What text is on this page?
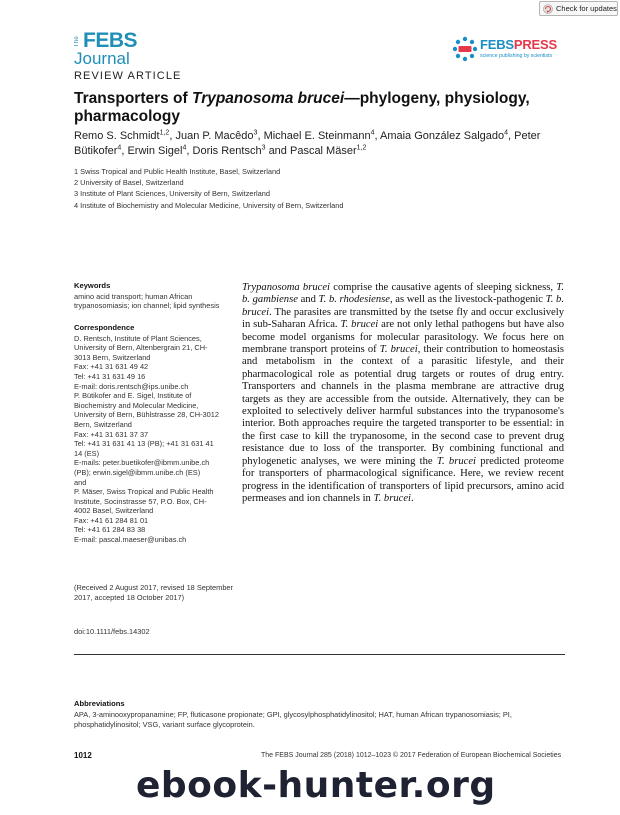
Check for updates
The FEBS
Journal
FEBSPRESS
science publishing by scientists
REVIEW ARTICLE
Transporters of Trypanosoma brucei—phylogeny, physiology, pharmacology
Remo S. Schmidt$^{1,2}$, Juan P. Macêdo$^3$, Michael E. Steinmann$^4$, Amaia González Salgado$^4$, Peter Bütikofer$^4$, Erwin Sigel$^4$, Doris Rentsch$^3$ and Pascal Mäser$^{1,2}$
1 Swiss Tropical and Public Health Institute, Basel, Switzerland
2 University of Basel, Switzerland
3 Institute of Plant Sciences, University of Bern, Switzerland
4 Institute of Biochemistry and Molecular Medicine, University of Bern, Switzerland
Keywords
amino acid transport; human African trypanosomiasis; ion channel; lipid synthesis
Correspondence
D. Rentsch, Institute of Plant Sciences,
University of Bern, Altenbergrain 21, CH-
3013 Bern, Switzerland
Fax: +41 31 631 49 42
Tel: +41 31 631 49 16
E-mail: doris.rentsch@ips.unibe.ch
P. Bütikofer and E. Sigel, Institute of
Biochemistry and Molecular Medicine,
University of Bern, Bühlstrasse 28, CH-3012
Bern, Switzerland
Fax: +41 31 631 37 37
Tel: +41 31 631 41 13 (PB); +41 31 631 41
14 (ES)
E-mails: peter.buetikofer@ibmm.unibe.ch
(PB); erwin.sigel@ibmm.unibe.ch (ES)
and
P. Mäser, Swiss Tropical and Public Health
Institute, Socinstrasse 57, P.O. Box, CH-
4002 Basel, Switzerland
Fax: +41 61 284 81 01
Tel: +41 61 284 83 38
E-mail: pascal.maeser@unibas.ch
(Received 2 August 2017, revised 18 September 2017, accepted 18 October 2017)
doi:10.1111/febs.14302

Trypanosoma brucei comprise the causative agents of sleeping sickness, T. b. gambiense and T. b. rhodesiense, as well as the livestock-pathogenic T. b. brucei. The parasites are transmitted by the tsetse fly and occur exclusively in sub-Saharan Africa. T. brucei are not only lethal pathogens but have also become model organisms for molecular parasitology. We focus here on membrane transport proteins of T. brucei, their contribution to homeostasis and metabolism in the context of a parasitic lifestyle, and their pharmacological role as potential drug targets or routes of drug entry. Transporters and channels in the plasma membrane are attractive drug targets as they are accessible from the outside. Alternatively, they can be exploited to selectively deliver harmful substances into the trypanosome's interior. Both approaches require the targeted transporter to be essential: in the first case to kill the trypanosome, in the second case to prevent drug resistance due to loss of the transporter. By combining functional and phylogenetic analyses, we were mining the T. brucei predicted proteome for transporters of pharmacological significance. Here, we review recent progress in the identification of transporters of lipid precursors, amino acid permeases and ion channels in T. brucei.

Abbreviations
APA, 3-aminooxypropanamine; FP, fluticasone propionate; GPI, glycosylphosphatidylinositol; HAT, human African trypanosomiasis; PI, phosphatidylinositol; VSG, variant surface glycoprotein.
1012	The FEBS Journal 285 (2018) 1012–1023 © 2017 Federation of European Biochemical Societies
ebook-hunter.org
